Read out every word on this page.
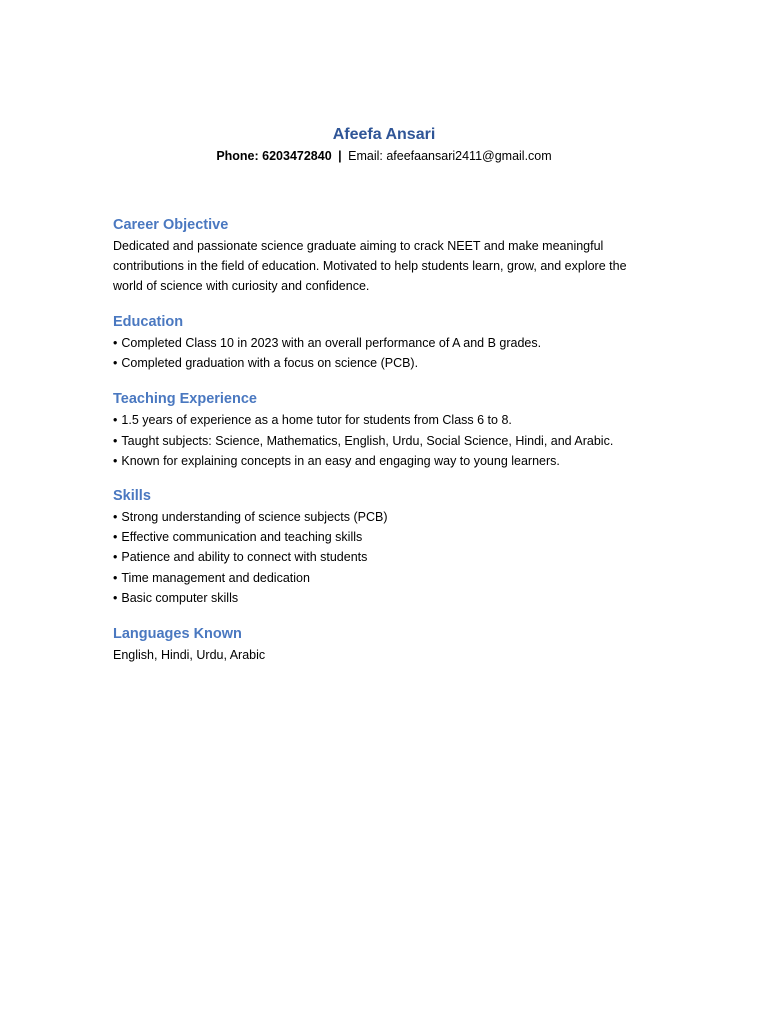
Afeefa Ansari
Phone: 6203472840 | Email: afeefaansari2411@gmail.com
Career Objective

Dedicated and passionate science graduate aiming to crack NEET and make meaningful contributions in the field of education. Motivated to help students learn, grow, and explore the world of science with curiosity and confidence.

Education
• Completed Class 10 in 2023 with an overall performance of A and B grades.
• Completed graduation with a focus on science (PCB).
Teaching Experience
• 1.5 years of experience as a home tutor for students from Class 6 to 8.
• Taught subjects: Science, Mathematics, English, Urdu, Social Science, Hindi, and Arabic.
• Known for explaining concepts in an easy and engaging way to young learners.
Skills
• Strong understanding of science subjects (PCB)
• Effective communication and teaching skills
• Patience and ability to connect with students
• Time management and dedication
• Basic computer skills
Languages Known

English, Hindi, Urdu, Arabic
